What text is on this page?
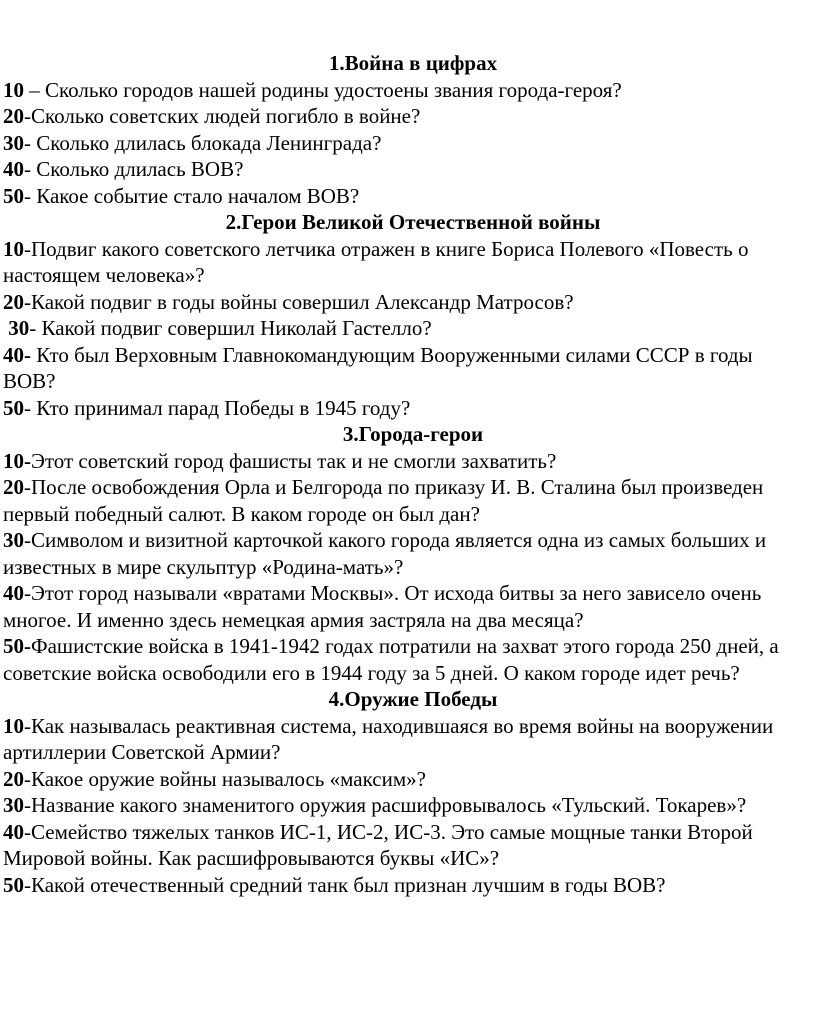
1.Война в цифрах
10 – Сколько городов нашей родины удостоены звания города-героя?
20-Сколько советских людей погибло в войне?
30- Сколько длилась блокада Ленинграда?
40- Сколько длилась ВОВ?
50- Какое событие стало началом ВОВ?
2.Герои Великой Отечественной войны
10-Подвиг какого советского летчика отражен в книге Бориса Полевого «Повесть о настоящем человека»?
20-Какой подвиг в годы войны совершил Александр Матросов?
30- Какой подвиг совершил Николай Гастелло?
40- Кто был Верховным Главнокомандующим Вооруженными силами СССР в годы ВОВ?
50- Кто принимал парад Победы в 1945 году?
3.Города-герои
10-Этот советский город фашисты так и не смогли захватить?
20-После освобождения Орла и Белгорода по приказу И. В. Сталина был произведен первый победный салют. В каком городе он был дан?
30-Символом и визитной карточкой какого города является одна из самых больших и известных в мире скульптур «Родина-мать»?
40-Этот город называли «вратами Москвы». От исхода битвы за него зависело очень многое. И именно здесь немецкая армия застряла на два месяца?
50-Фашистские войска в 1941-1942 годах потратили на захват этого города 250 дней, а советские войска освободили его в 1944 году за 5 дней. О каком городе идет речь?
4.Оружие Победы
10-Как называлась реактивная система, находившаяся во время войны на вооружении артиллерии Советской Армии?
20-Какое оружие войны называлось «максим»?
30-Название какого знаменитого оружия расшифровывалось «Тульский. Токарев»?
40-Семейство тяжелых танков ИС-1, ИС-2, ИС-3. Это самые мощные танки Второй Мировой войны. Как расшифровываются буквы «ИС»?
50-Какой отечественный средний танк был признан лучшим в годы ВОВ?
